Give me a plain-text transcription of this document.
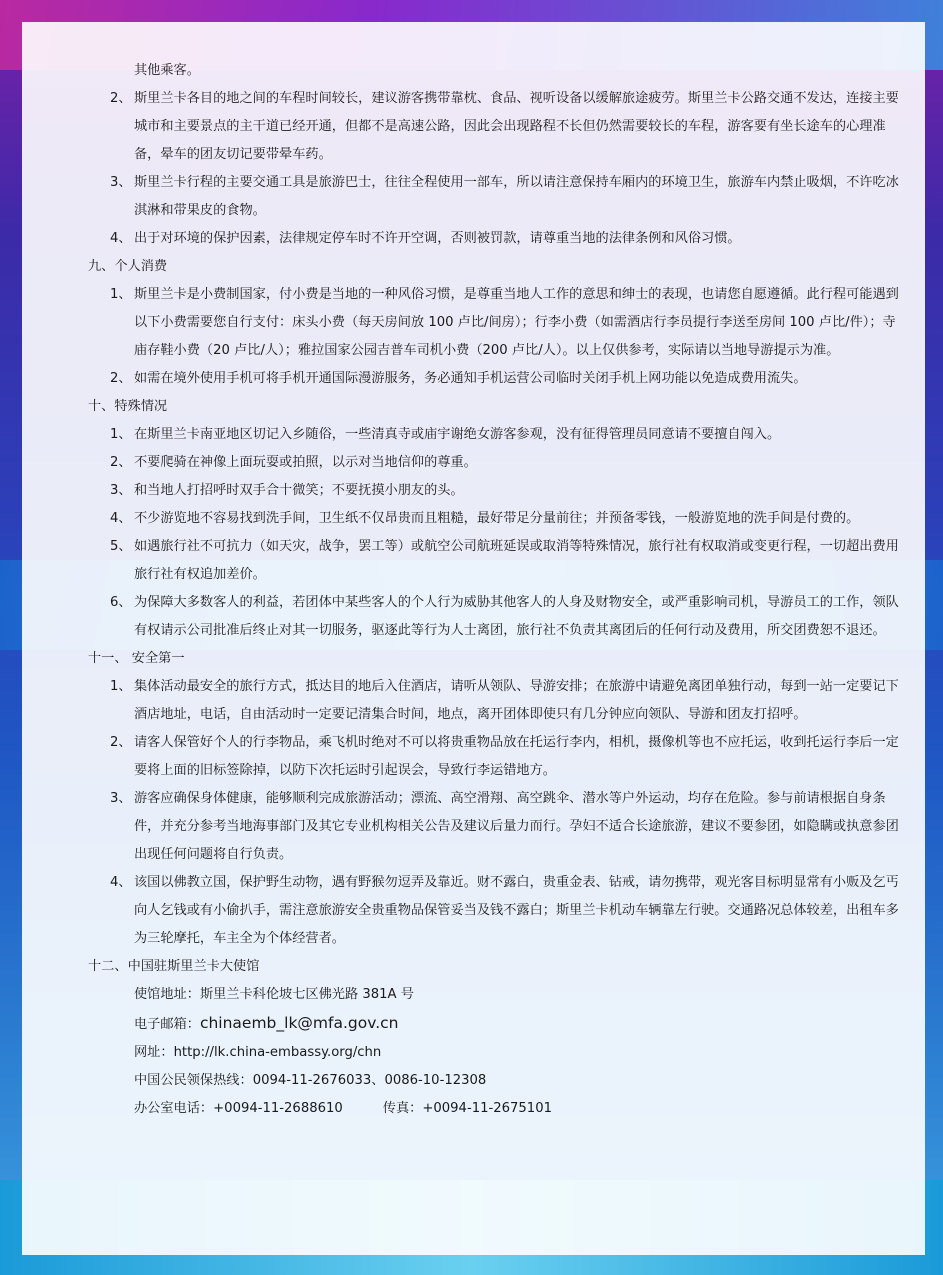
其他乘客。
2、 斯里兰卡各目的地之间的车程时间较长，建议游客携带靠枕、食品、视听设备以缓解旅途疲劳。斯里兰卡公路交通不发达，连接主要城市和主要景点的主干道已经开通，但都不是高速公路，因此会出现路程不长但仍然需要较长的车程，游客要有坐长途车的心理准备，晕车的团友切记要带晕车药。
3、 斯里兰卡行程的主要交通工具是旅游巴士，往往全程使用一部车，所以请注意保持车厢内的环境卫生，旅游车内禁止吸烟，不许吃冰淇淋和带果皮的食物。
4、 出于对环境的保护因素，法律规定停车时不许开空调，否则被罚款，请尊重当地的法律条例和风俗习惯。
九、个人消费
1、 斯里兰卡是小费制国家，付小费是当地的一种风俗习惯，是尊重当地人工作的意思和绅士的表现，也请您自愿遵循。此行程可能遇到以下小费需要您自行支付：床头小费（每天房间放 100 卢比/间房）；行李小费（如需酒店行李员提行李送至房间 100 卢比/件）；寺庙存鞋小费（20 卢比/人）；雅拉国家公园吉普车司机小费（200 卢比/人）。以上仅供参考，实际请以当地导游提示为准。
2、 如需在境外使用手机可将手机开通国际漫游服务，务必通知手机运营公司临时关闭手机上网功能以免造成费用流失。
十、特殊情况
1、 在斯里兰卡南亚地区切记入乡随俗，一些清真寺或庙宇谢绝女游客参观，没有征得管理员同意请不要擅自闯入。
2、 不要爬骑在神像上面玩耍或拍照，以示对当地信仰的尊重。
3、 和当地人打招呼时双手合十微笑；不要抚摸小朋友的头。
4、 不少游览地不容易找到洗手间，卫生纸不仅昂贵而且粗糙，最好带足分量前往；并预备零钱，一般游览地的洗手间是付费的。
5、 如遇旅行社不可抗力（如天灾，战争，罢工等）或航空公司航班延误或取消等特殊情况，旅行社有权取消或变更行程，一切超出费用旅行社有权追加差价。
6、 为保障大多数客人的利益，若团体中某些客人的个人行为威胁其他客人的人身及财物安全，或严重影响司机，导游员工的工作，领队有权请示公司批准后终止对其一切服务，驱逐此等行为人士离团，旅行社不负责其离团后的任何行动及费用，所交团费恕不退还。
十一、 安全第一
1、 集体活动最安全的旅行方式，抵达目的地后入住酒店，请听从领队、导游安排；在旅游中请避免离团单独行动，每到一站一定要记下酒店地址，电话，自由活动时一定要记清集合时间，地点，离开团体即使只有几分钟应向领队、导游和团友打招呼。
2、 请客人保管好个人的行李物品，乘飞机时绝对不可以将贵重物品放在托运行李内，相机，摄像机等也不应托运，收到托运行李后一定要将上面的旧标签除掉，以防下次托运时引起误会，导致行李运错地方。
3、 游客应确保身体健康，能够顺利完成旅游活动；漂流、高空滑翔、高空跳伞、潜水等户外运动，均存在危险。参与前请根据自身条件，并充分参考当地海事部门及其它专业机构相关公告及建议后量力而行。孕妇不适合长途旅游，建议不要参团，如隐瞒或执意参团出现任何问题将自行负责。
4、 该国以佛教立国，保护野生动物，遇有野猴勿逗弄及靠近。财不露白，贵重金表、钻戒，请勿携带，观光客目标明显常有小贩及乞丐向人乞钱或有小偷扒手，需注意旅游安全贵重物品保管妥当及钱不露白；斯里兰卡机动车辆靠左行驶。交通路况总体较差，出租车多为三轮摩托，车主全为个体经营者。
十二、中国驻斯里兰卡大使馆
使馆地址：斯里兰卡科伦坡七区佛光路 381A 号
电子邮箱：chinaemb_lk@mfa.gov.cn
网址：http://lk.china-embassy.org/chn
中国公民领保热线：0094-11-2676033、0086-10-12308
办公室电话：+0094-11-2688610	传真：+0094-11-2675101
